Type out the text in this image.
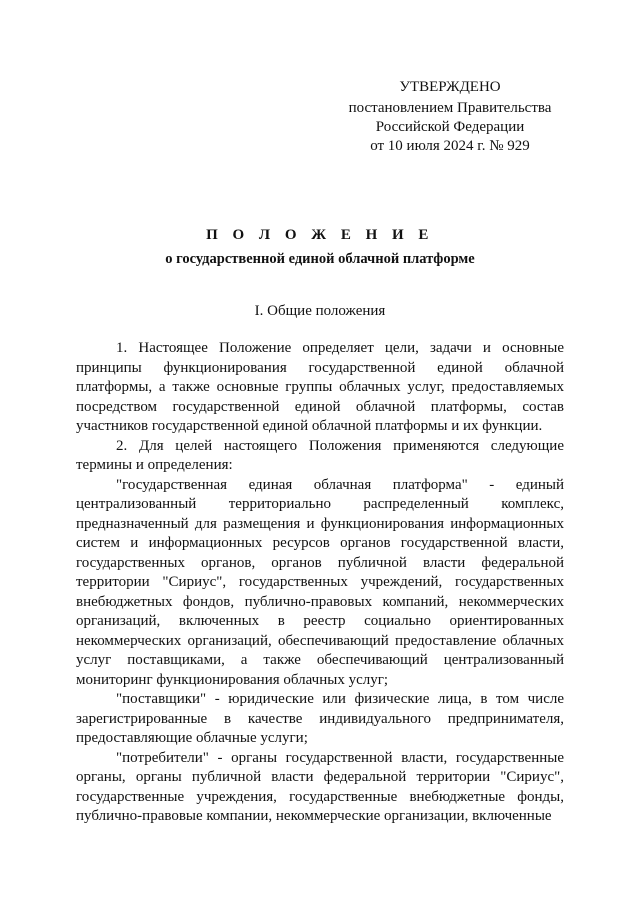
УТВЕРЖДЕНО
постановлением Правительства
Российской Федерации
от 10 июля 2024 г. № 929
П О Л О Ж Е Н И Е
о государственной единой облачной платформе
I. Общие положения

1. Настоящее Положение определяет цели, задачи и основные принципы функционирования государственной единой облачной платформы, а также основные группы облачных услуг, предоставляемых посредством государственной единой облачной платформы, состав участников государственной единой облачной платформы и их функции.

2. Для целей настоящего Положения применяются следующие термины и определения:

"государственная единая облачная платформа" - единый централизованный территориально распределенный комплекс, предназначенный для размещения и функционирования информационных систем и информационных ресурсов органов государственной власти, государственных органов, органов публичной власти федеральной территории "Сириус", государственных учреждений, государственных внебюджетных фондов, публично-правовых компаний, некоммерческих организаций, включенных в реестр социально ориентированных некоммерческих организаций, обеспечивающий предоставление облачных услуг поставщиками, а также обеспечивающий централизованный мониторинг функционирования облачных услуг;

"поставщики" - юридические или физические лица, в том числе зарегистрированные в качестве индивидуального предпринимателя, предоставляющие облачные услуги;

"потребители" - органы государственной власти, государственные органы, органы публичной власти федеральной территории "Сириус", государственные учреждения, государственные внебюджетные фонды, публично-правовые компании, некоммерческие организации, включенные
